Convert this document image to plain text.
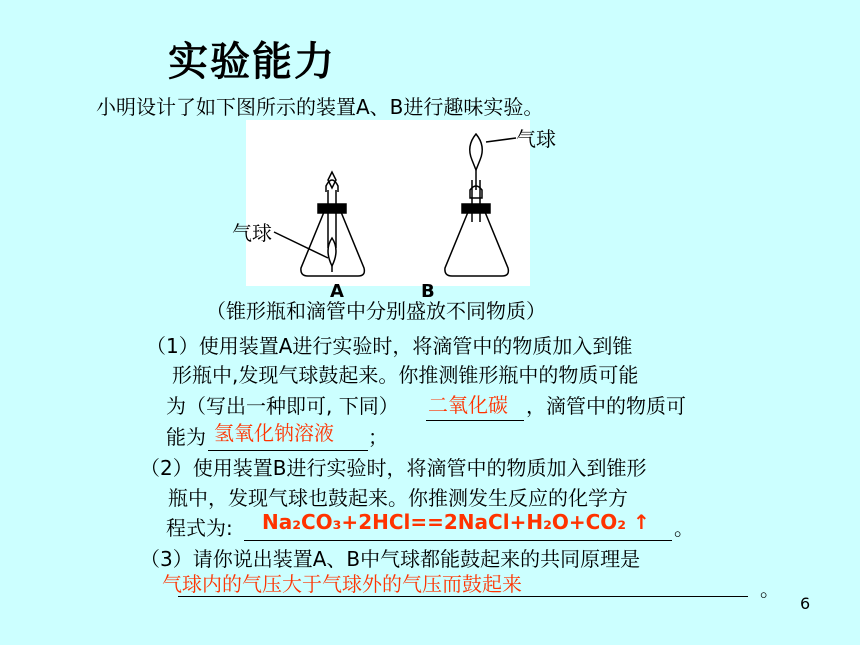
实验能力
小明设计了如下图所示的装置A、B进行趣味实验。
气球
气球
A	B
（锥形瓶和滴管中分别盛放不同物质）
（1）使用装置A进行实验时，将滴管中的物质加入到锥
形瓶中,发现气球鼓起来。你推测锥形瓶中的物质可能
为（写出一种即可, 下同） 二氧化碳 ，滴管中的物质可
能为 氢氧化钠溶液 ；
（2）使用装置B进行实验时，将滴管中的物质加入到锥形
瓶中，发现气球也鼓起来。你推测发生反应的化学方
程式为: Na₂CO₃+2HCl==2NaCl+H₂O+CO₂ ↑ 。
（3）请你说出装置A、B中气球都能鼓起来的共同原理是
气球内的气压大于气球外的气压而鼓起来	。
6
